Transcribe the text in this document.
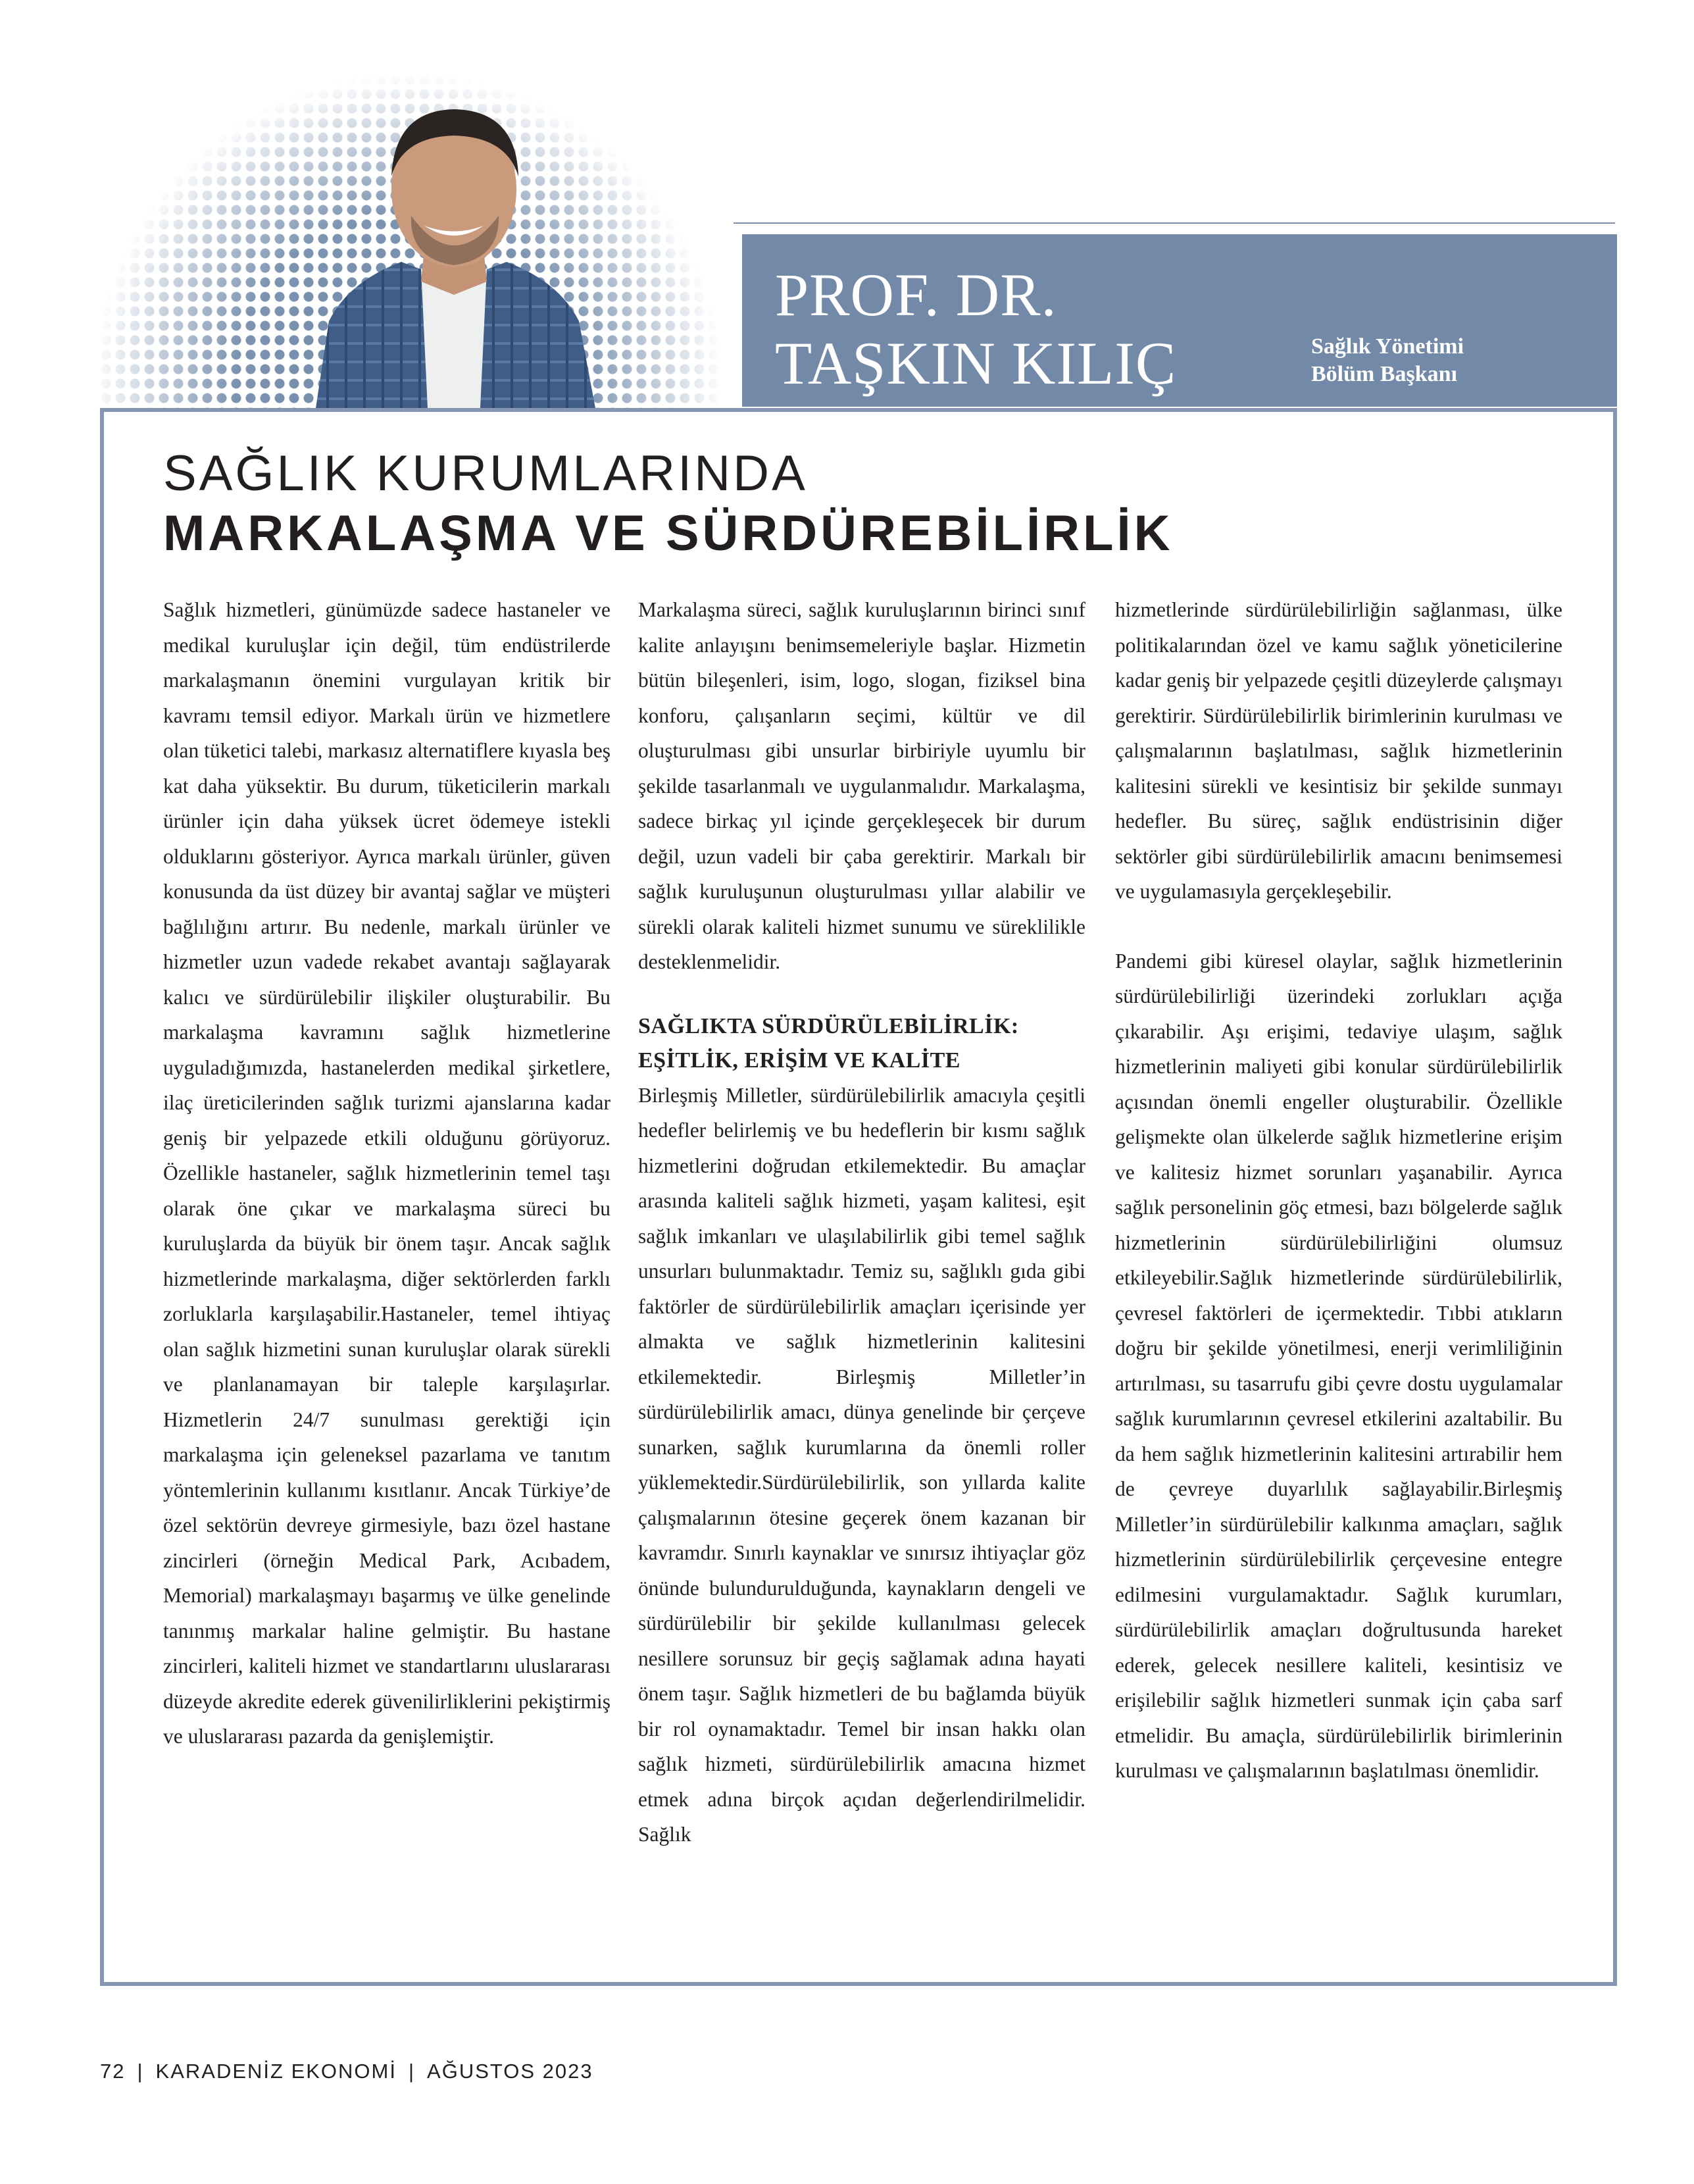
PROF. DR.
TAŞKIN KILIÇ	Sağlık Yönetimi
Bölüm Başkanı
SAĞLIK KURUMLARINDA
MARKALAŞMA VE SÜRDÜREBİLİRLİK

Sağlık hizmetleri, günümüzde sadece hastaneler ve medikal kuruluşlar için değil, tüm endüstrilerde markalaşmanın önemini vurgulayan kritik bir kavramı temsil ediyor. Markalı ürün ve hizmetlere olan tüketici talebi, markasız alternatiflere kıyasla beş kat daha yüksektir. Bu durum, tüketicilerin markalı ürünler için daha yüksek ücret ödemeye istekli olduklarını gösteriyor. Ayrıca markalı ürünler, güven konusunda da üst düzey bir avantaj sağlar ve müşteri bağlılığını artırır. Bu nedenle, markalı ürünler ve hizmetler uzun vadede rekabet avantajı sağlayarak kalıcı ve sürdürülebilir ilişkiler oluşturabilir. Bu markalaşma kavramını sağlık hizmetlerine uyguladığımızda, hastanelerden medikal şirketlere, ilaç üreticilerinden sağlık turizmi ajanslarına kadar geniş bir yelpazede etkili olduğunu görüyoruz. Özellikle hastaneler, sağlık hizmetlerinin temel taşı olarak öne çıkar ve markalaşma süreci bu kuruluşlarda da büyük bir önem taşır. Ancak sağlık hizmetlerinde markalaşma, diğer sektörlerden farklı zorluklarla karşılaşabilir.Hastaneler, temel ihtiyaç olan sağlık hizmetini sunan kuruluşlar olarak sürekli ve planlanamayan bir taleple karşılaşırlar. Hizmetlerin 24/7 sunulması gerektiği için markalaşma için geleneksel pazarlama ve tanıtım yöntemlerinin kullanımı kısıtlanır. Ancak Türkiye’de özel sektörün devreye girmesiyle, bazı özel hastane zincirleri (örneğin Medical Park, Acıbadem, Memorial) markalaşmayı başarmış ve ülke genelinde tanınmış markalar haline gelmiştir. Bu hastane zincirleri, kaliteli hizmet ve standartlarını uluslararası düzeyde akredite ederek güvenilirliklerini pekiştirmiş ve uluslararası pazarda da genişlemiştir.

Markalaşma süreci, sağlık kuruluşlarının birinci sınıf kalite anlayışını benimsemeleriyle başlar. Hizmetin bütün bileşenleri, isim, logo, slogan, fiziksel bina konforu, çalışanların seçimi, kültür ve dil oluşturulması gibi unsurlar birbiriyle uyumlu bir şekilde tasarlanmalı ve uygulanmalıdır. Markalaşma, sadece birkaç yıl içinde gerçekleşecek bir durum değil, uzun vadeli bir çaba gerektirir. Markalı bir sağlık kuruluşunun oluşturulması yıllar alabilir ve sürekli olarak kaliteli hizmet sunumu ve süreklilikle desteklenmelidir.

SAĞLIKTA SÜRDÜRÜLEBİLİRLİK:
EŞİTLİK, ERİŞİM VE KALİTE

Birleşmiş Milletler, sürdürülebilirlik amacıyla çeşitli hedefler belirlemiş ve bu hedeflerin bir kısmı sağlık hizmetlerini doğrudan etkilemektedir. Bu amaçlar arasında kaliteli sağlık hizmeti, yaşam kalitesi, eşit sağlık imkanları ve ulaşılabilirlik gibi temel sağlık unsurları bulunmaktadır. Temiz su, sağlıklı gıda gibi faktörler de sürdürülebilirlik amaçları içerisinde yer almakta ve sağlık hizmetlerinin kalitesini etkilemektedir. Birleşmiş Milletler’in sürdürülebilirlik amacı, dünya genelinde bir çerçeve sunarken, sağlık kurumlarına da önemli roller yüklemektedir.Sürdürülebilirlik, son yıllarda kalite çalışmalarının ötesine geçerek önem kazanan bir kavramdır. Sınırlı kaynaklar ve sınırsız ihtiyaçlar göz önünde bulundurulduğunda, kaynakların dengeli ve sürdürülebilir bir şekilde kullanılması gelecek nesillere sorunsuz bir geçiş sağlamak adına hayati önem taşır. Sağlık hizmetleri de bu bağlamda büyük bir rol oynamaktadır. Temel bir insan hakkı olan sağlık hizmeti, sürdürülebilirlik amacına hizmet etmek adına birçok açıdan değerlendirilmelidir. Sağlık

hizmetlerinde sürdürülebilirliğin sağlanması, ülke politikalarından özel ve kamu sağlık yöneticilerine kadar geniş bir yelpazede çeşitli düzeylerde çalışmayı gerektirir. Sürdürülebilirlik birimlerinin kurulması ve çalışmalarının başlatılması, sağlık hizmetlerinin kalitesini sürekli ve kesintisiz bir şekilde sunmayı hedefler. Bu süreç, sağlık endüstrisinin diğer sektörler gibi sürdürülebilirlik amacını benimsemesi ve uygulamasıyla gerçekleşebilir.

Pandemi gibi küresel olaylar, sağlık hizmetlerinin sürdürülebilirliği üzerindeki zorlukları açığa çıkarabilir. Aşı erişimi, tedaviye ulaşım, sağlık hizmetlerinin maliyeti gibi konular sürdürülebilirlik açısından önemli engeller oluşturabilir. Özellikle gelişmekte olan ülkelerde sağlık hizmetlerine erişim ve kalitesiz hizmet sorunları yaşanabilir. Ayrıca sağlık personelinin göç etmesi, bazı bölgelerde sağlık hizmetlerinin sürdürülebilirliğini olumsuz etkileyebilir.Sağlık hizmetlerinde sürdürülebilirlik, çevresel faktörleri de içermektedir. Tıbbi atıkların doğru bir şekilde yönetilmesi, enerji verimliliğinin artırılması, su tasarrufu gibi çevre dostu uygulamalar sağlık kurumlarının çevresel etkilerini azaltabilir. Bu da hem sağlık hizmetlerinin kalitesini artırabilir hem de çevreye duyarlılık sağlayabilir.Birleşmiş Milletler’in sürdürülebilir kalkınma amaçları, sağlık hizmetlerinin sürdürülebilirlik çerçevesine entegre edilmesini vurgulamaktadır. Sağlık kurumları, sürdürülebilirlik amaçları doğrultusunda hareket ederek, gelecek nesillere kaliteli, kesintisiz ve erişilebilir sağlık hizmetleri sunmak için çaba sarf etmelidir. Bu amaçla, sürdürülebilirlik birimlerinin kurulması ve çalışmalarının başlatılması önemlidir.

72 | KARADENİZ EKONOMİ | AĞUSTOS 2023
